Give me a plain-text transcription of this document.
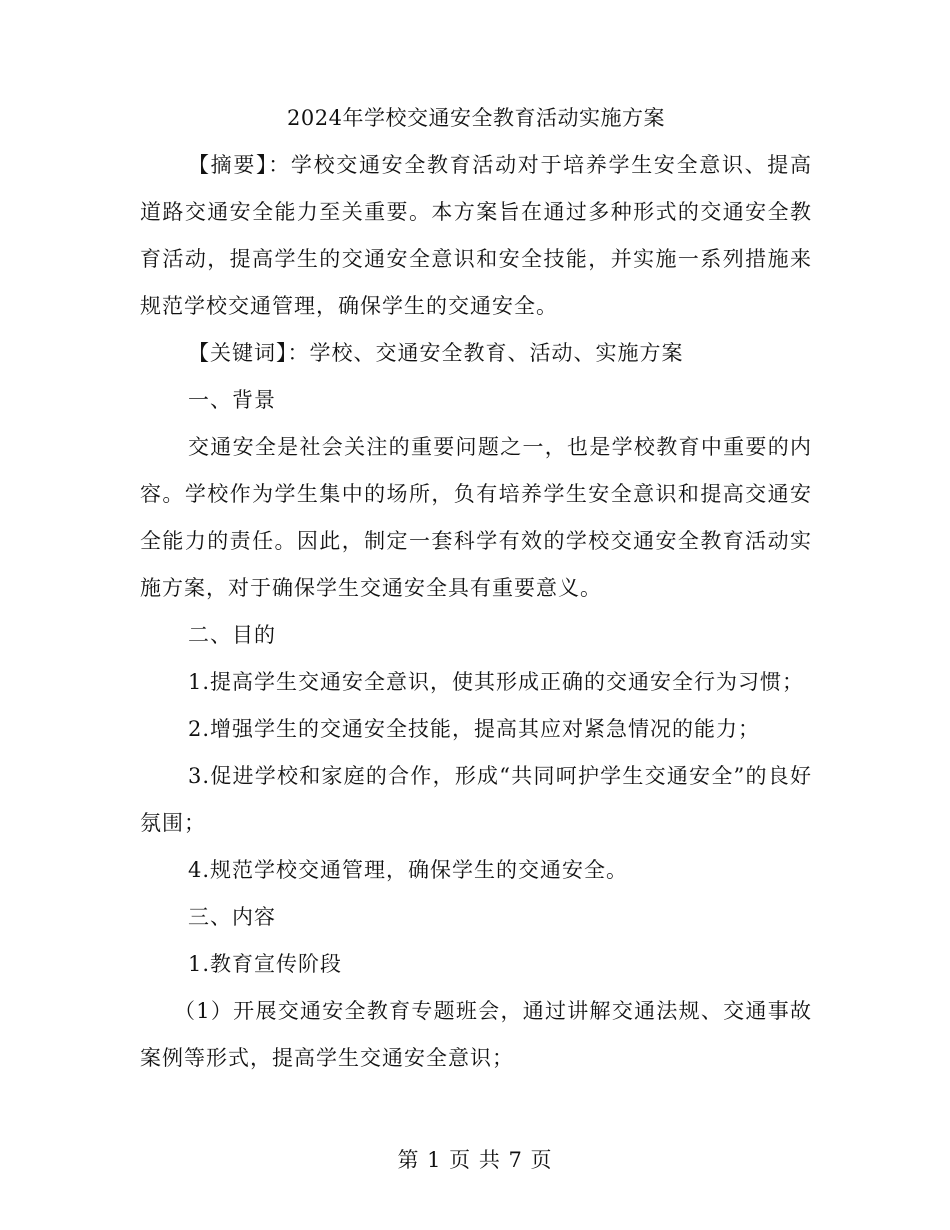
2024年学校交通安全教育活动实施方案

【摘要】：学校交通安全教育活动对于培养学生安全意识、提高道路交通安全能力至关重要。本方案旨在通过多种形式的交通安全教育活动，提高学生的交通安全意识和安全技能，并实施一系列措施来规范学校交通管理，确保学生的交通安全。

【关键词】：学校、交通安全教育、活动、实施方案

一、背景

交通安全是社会关注的重要问题之一，也是学校教育中重要的内容。学校作为学生集中的场所，负有培养学生安全意识和提高交通安全能力的责任。因此，制定一套科学有效的学校交通安全教育活动实施方案，对于确保学生交通安全具有重要意义。

二、目的

1.提高学生交通安全意识，使其形成正确的交通安全行为习惯；

2.增强学生的交通安全技能，提高其应对紧急情况的能力；

3.促进学校和家庭的合作，形成“共同呵护学生交通安全”的良好氛围；

4.规范学校交通管理，确保学生的交通安全。

三、内容

1.教育宣传阶段

（1）开展交通安全教育专题班会，通过讲解交通法规、交通事故案例等形式，提高学生交通安全意识；

第 1 页 共 7 页
